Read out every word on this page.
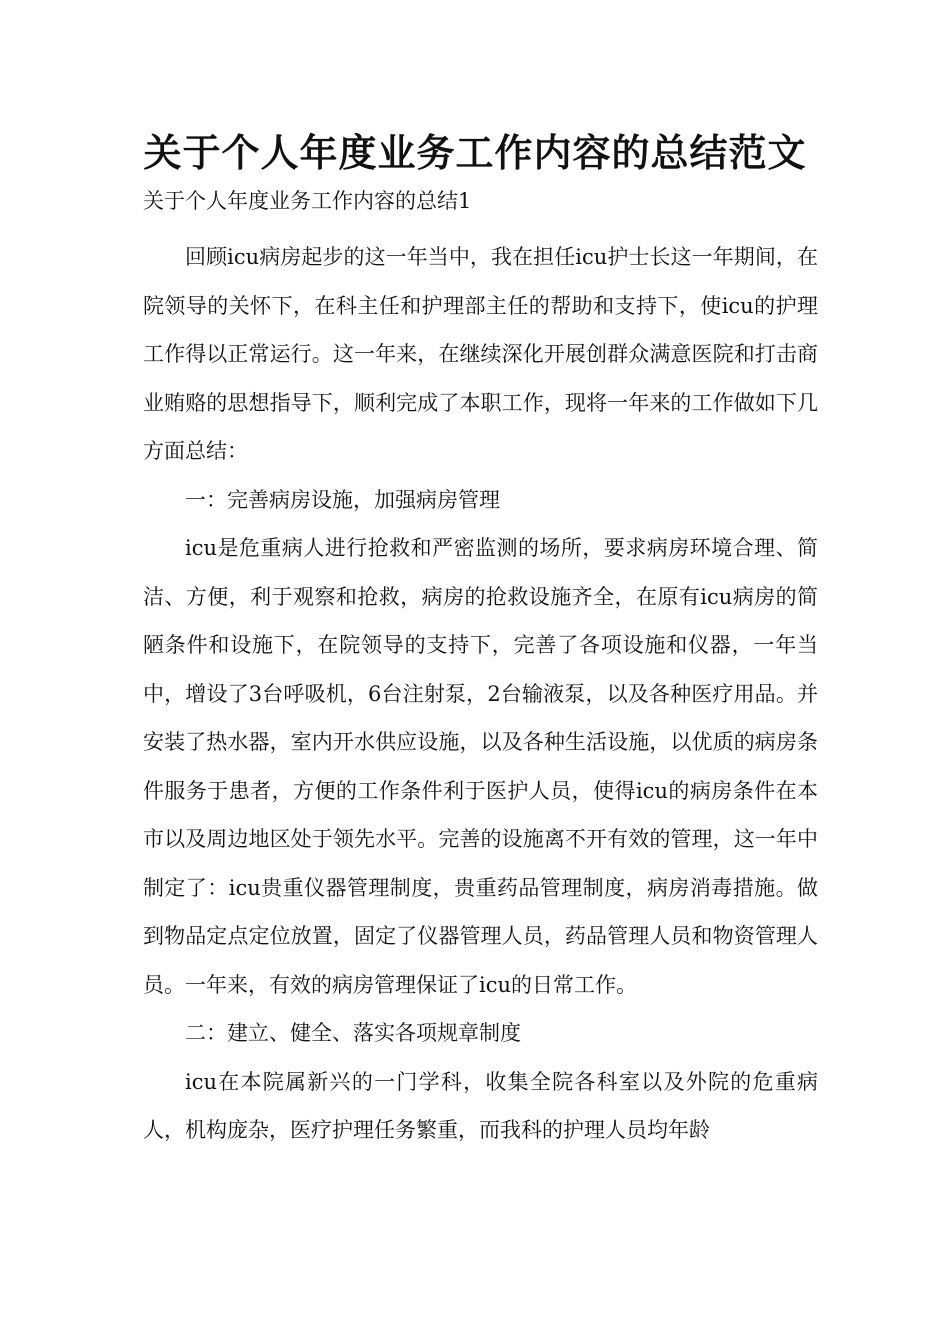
关于个人年度业务工作内容的总结范文
关于个人年度业务工作内容的总结1

回顾icu病房起步的这一年当中，我在担任icu护士长这一年期间，在院领导的关怀下，在科主任和护理部主任的帮助和支持下，使icu的护理工作得以正常运行。这一年来，在继续深化开展创群众满意医院和打击商业贿赂的思想指导下，顺利完成了本职工作，现将一年来的工作做如下几方面总结：

一：完善病房设施，加强病房管理

icu是危重病人进行抢救和严密监测的场所，要求病房环境合理、简洁、方便，利于观察和抢救，病房的抢救设施齐全，在原有icu病房的简陋条件和设施下，在院领导的支持下，完善了各项设施和仪器，一年当中，增设了3台呼吸机，6台注射泵，2台输液泵，以及各种医疗用品。并安装了热水器，室内开水供应设施，以及各种生活设施，以优质的病房条件服务于患者，方便的工作条件利于医护人员，使得icu的病房条件在本市以及周边地区处于领先水平。完善的设施离不开有效的管理，这一年中制定了：icu贵重仪器管理制度，贵重药品管理制度，病房消毒措施。做到物品定点定位放置，固定了仪器管理人员，药品管理人员和物资管理人员。一年来，有效的病房管理保证了icu的日常工作。

二：建立、健全、落实各项规章制度

icu在本院属新兴的一门学科，收集全院各科室以及外院的危重病人，机构庞杂，医疗护理任务繁重，而我科的护理人员均年龄
